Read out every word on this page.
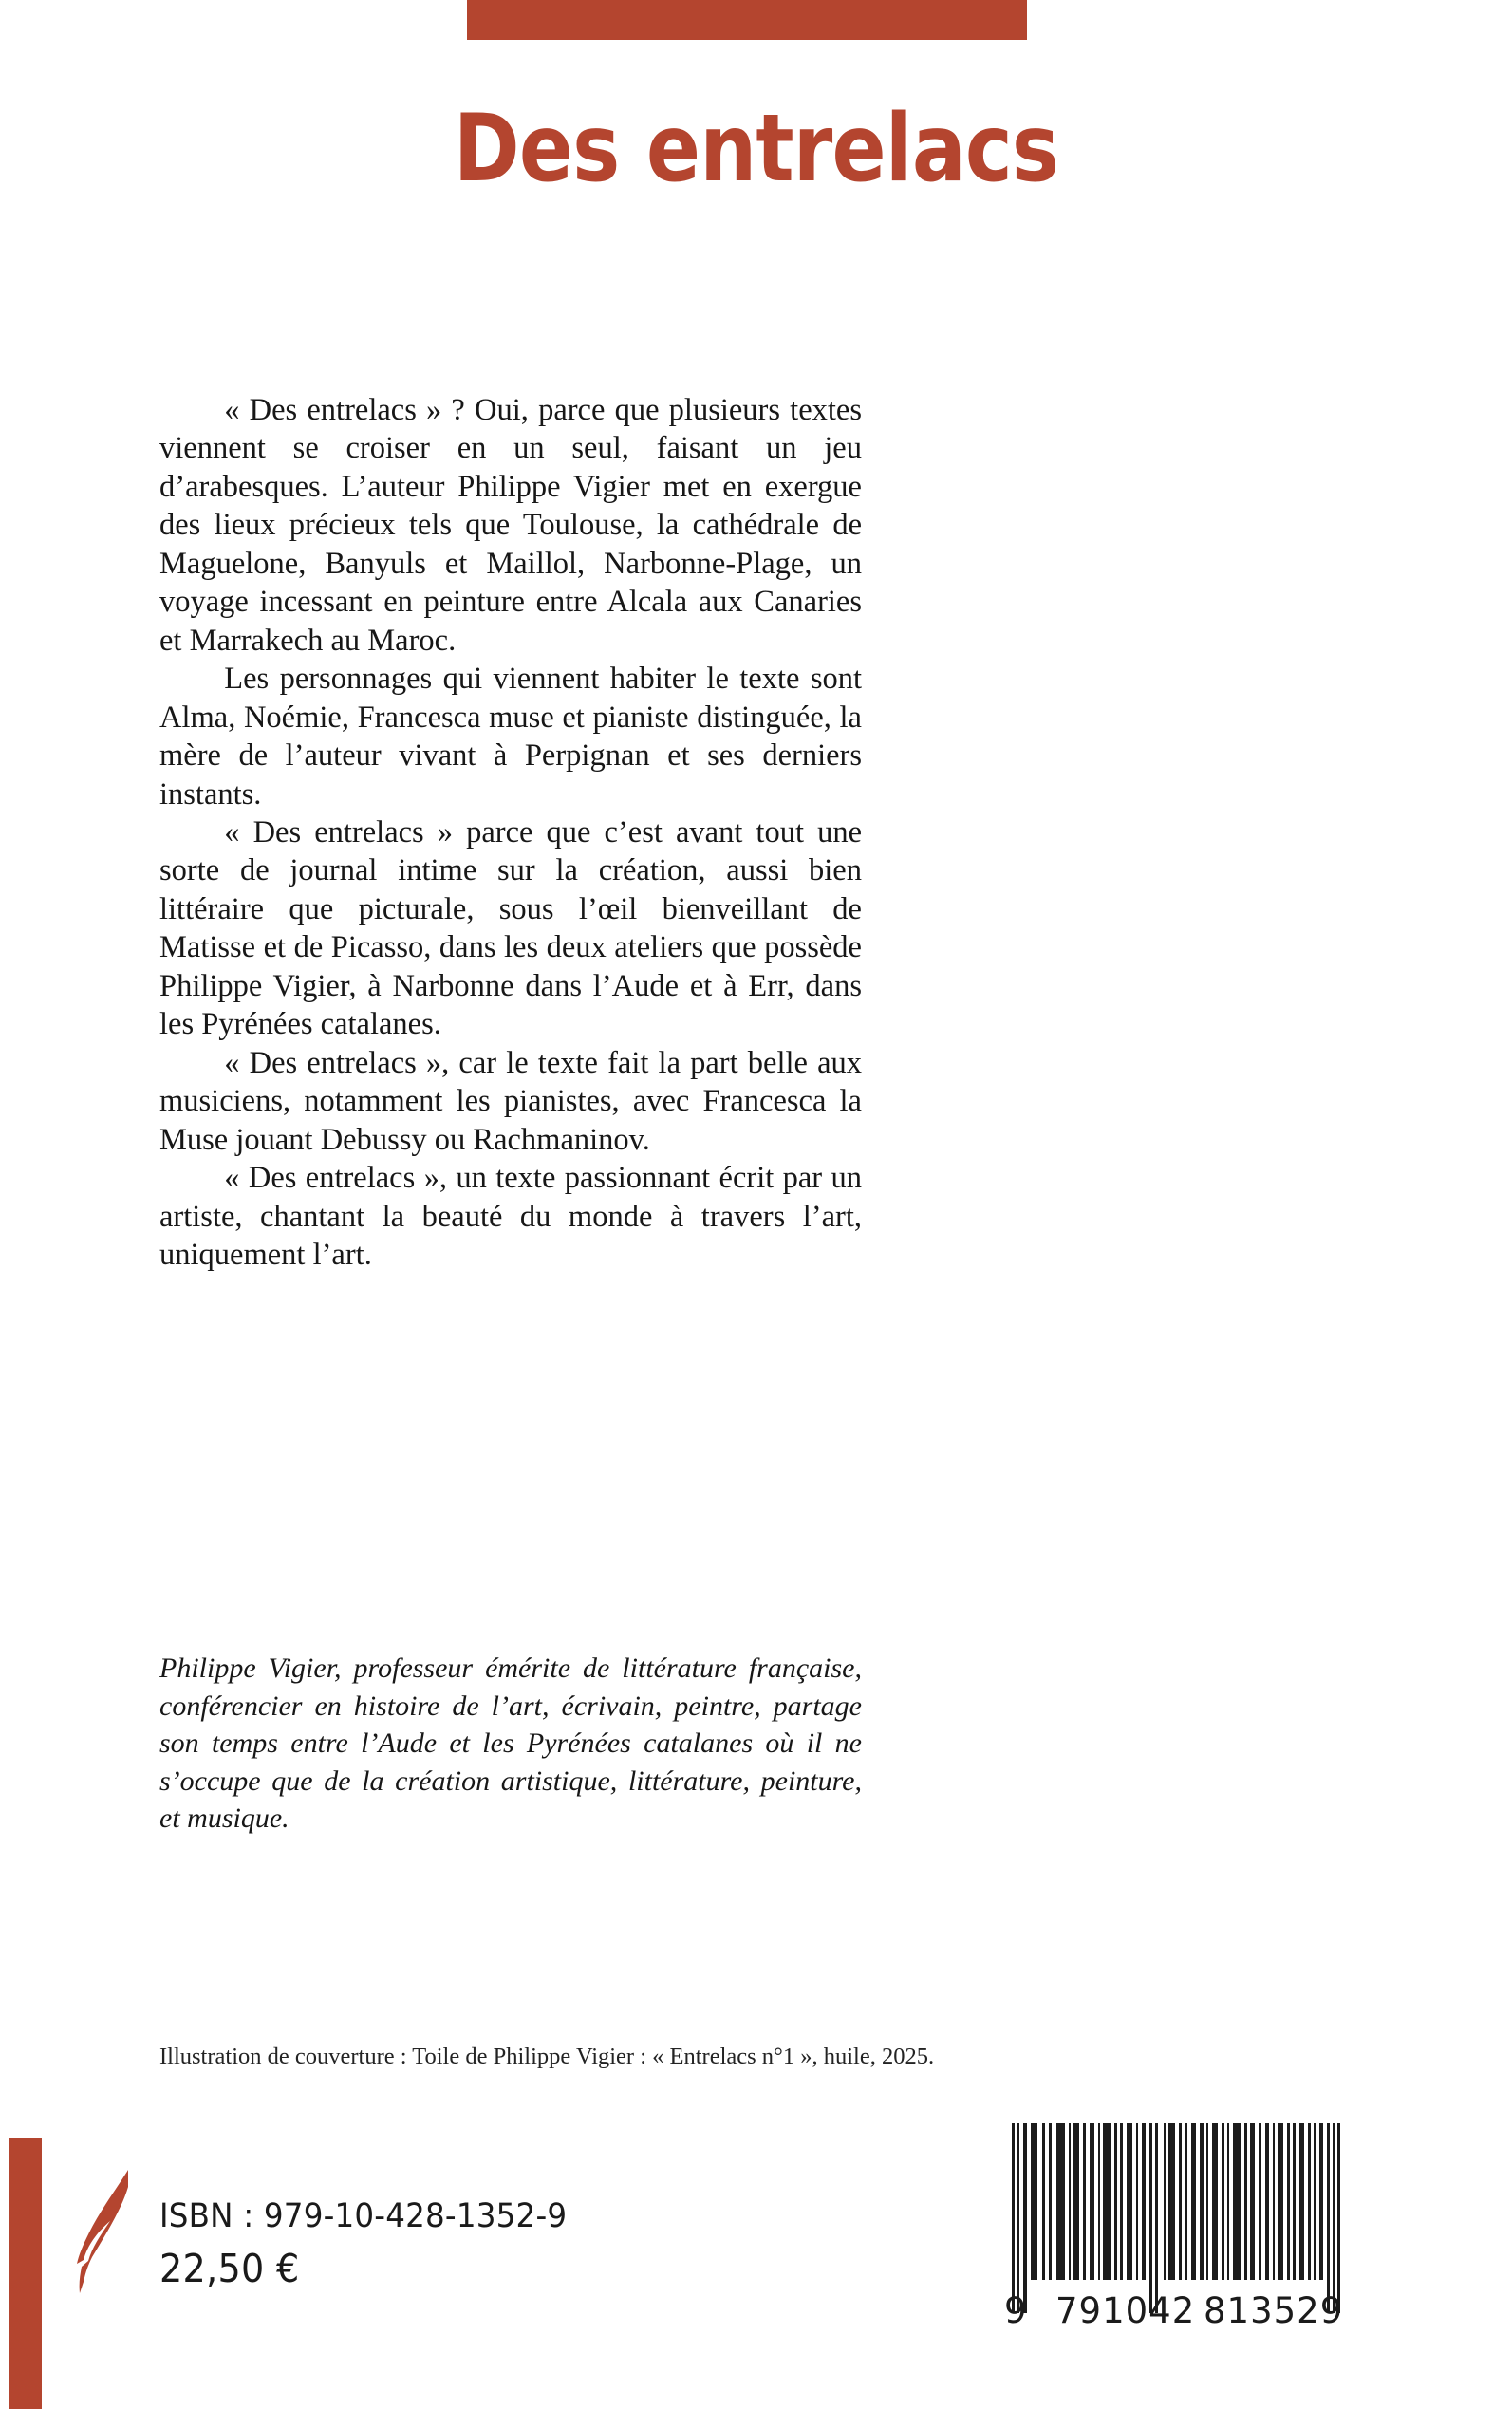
Des entrelacs

« Des entrelacs » ? Oui, parce que plusieurs textes viennent se croiser en un seul, faisant un jeu d’arabesques. L’auteur Philippe Vigier met en exergue des lieux précieux tels que Toulouse, la cathédrale de Maguelone, Banyuls et Maillol, Narbonne-Plage, un voyage incessant en peinture entre Alcala aux Canaries et Marrakech au Maroc.

Les personnages qui viennent habiter le texte sont Alma, Noémie, Francesca muse et pianiste distinguée, la mère de l’auteur vivant à Perpignan et ses derniers instants.

« Des entrelacs » parce que c’est avant tout une sorte de journal intime sur la création, aussi bien littéraire que picturale, sous l’œil bienveillant de Matisse et de Picasso, dans les deux ateliers que possède Philippe Vigier, à Narbonne dans l’Aude et à Err, dans les Pyrénées catalanes.

« Des entrelacs », car le texte fait la part belle aux musiciens, notamment les pianistes, avec Francesca la Muse jouant Debussy ou Rachmaninov.

« Des entrelacs », un texte passionnant écrit par un artiste, chantant la beauté du monde à travers l’art, uniquement l’art.

Philippe Vigier, professeur émérite de littérature française, conférencier en histoire de l’art, écrivain, peintre, partage son temps entre l’Aude et les Pyrénées catalanes où il ne s’occupe que de la création artistique, littérature, peinture, et musique.

Illustration de couverture : Toile de Philippe Vigier : « Entrelacs n°1 », huile, 2025.
ISBN : 979-10-428-1352-9
22,50 €
9 791042 813529
